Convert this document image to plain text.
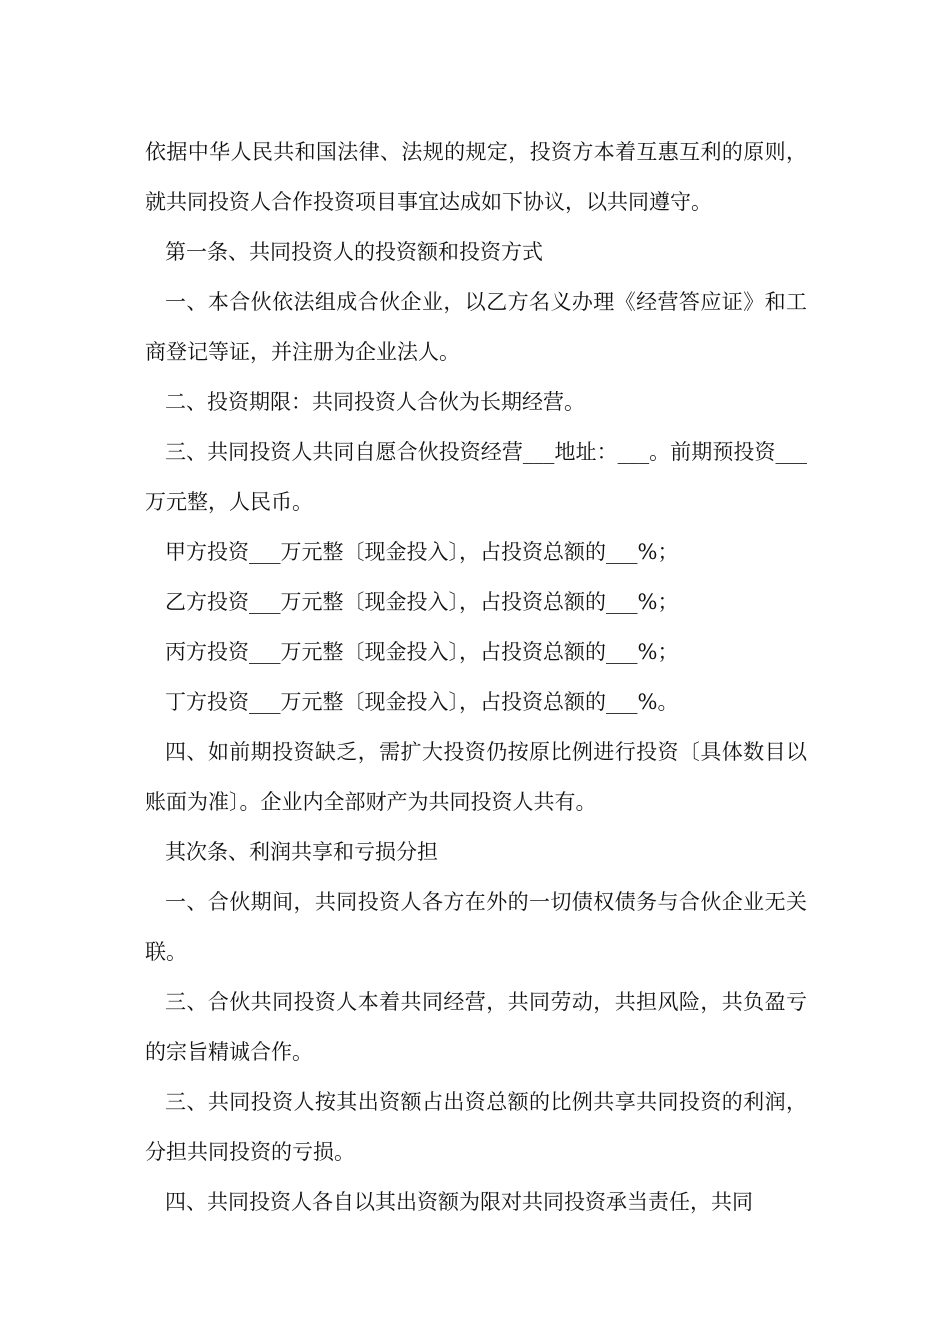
依据中华人民共和国法律、法规的规定，投资方本着互惠互利的原则，就共同投资人合作投资项目事宜达成如下协议，以共同遵守。

第一条、共同投资人的投资额和投资方式

一、本合伙依法组成合伙企业，以乙方名义办理《经营答应证》和工商登记等证，并注册为企业法人。

二、投资期限：共同投资人合伙为长期经营。

三、共同投资人共同自愿合伙投资经营___地址：___。前期预投资___万元整，人民币。

甲方投资___万元整〔现金投入〕，占投资总额的___%；

乙方投资___万元整〔现金投入〕，占投资总额的___%；

丙方投资___万元整〔现金投入〕，占投资总额的___%；

丁方投资___万元整〔现金投入〕，占投资总额的___%。

四、如前期投资缺乏，需扩大投资仍按原比例进行投资〔具体数目以账面为准〕。企业内全部财产为共同投资人共有。

其次条、利润共享和亏损分担

一、合伙期间，共同投资人各方在外的一切债权债务与合伙企业无关联。

三、合伙共同投资人本着共同经营，共同劳动，共担风险，共负盈亏的宗旨精诚合作。

三、共同投资人按其出资额占出资总额的比例共享共同投资的利润，分担共同投资的亏损。

四、共同投资人各自以其出资额为限对共同投资承当责任，共同
